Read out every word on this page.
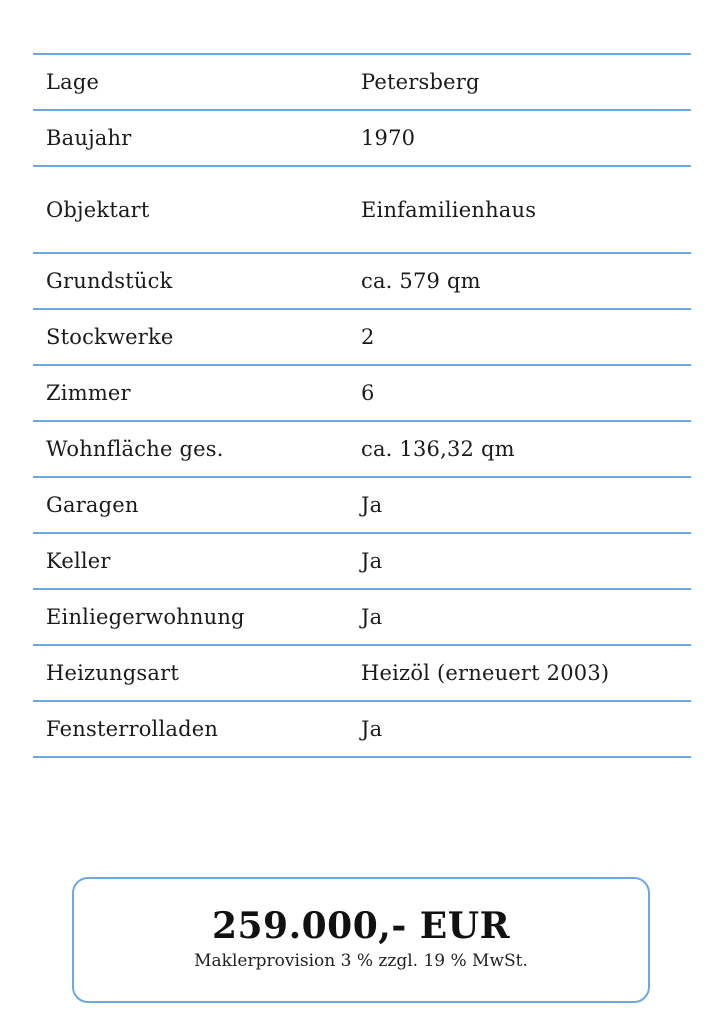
Lage	Petersberg
Baujahr	1970
Objektart	Einfamilienhaus
Grundstück	ca. 579 qm
Stockwerke	2
Zimmer	6
Wohnfläche ges.	ca. 136,32 qm
Garagen	Ja
Keller	Ja
Einliegerwohnung	Ja
Heizungsart	Heizöl (erneuert 2003)
Fensterrolladen	Ja
259.000,- EUR
Maklerprovision 3 % zzgl. 19 % MwSt.
